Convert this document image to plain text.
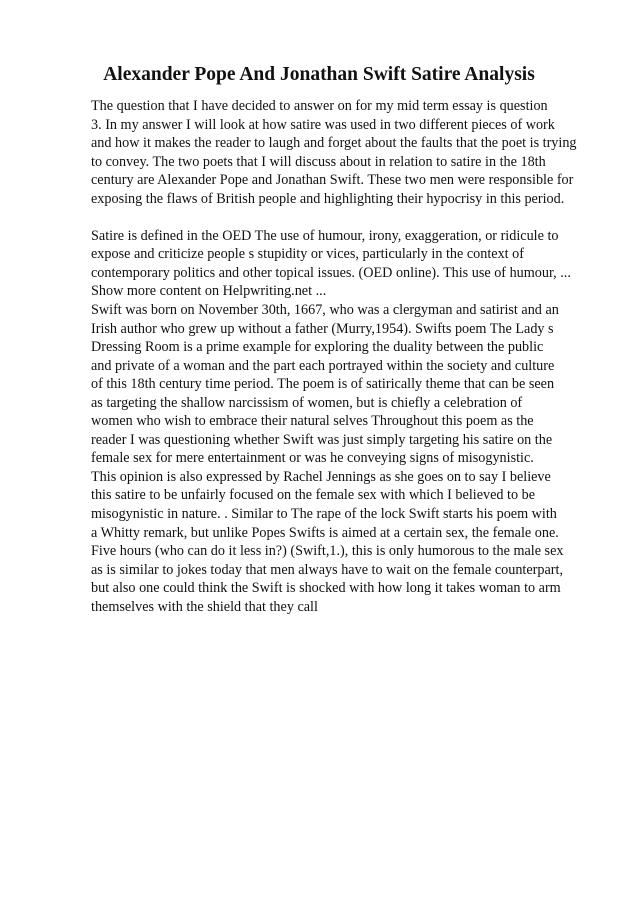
Alexander Pope And Jonathan Swift Satire Analysis
The question that I have decided to answer on for my mid term essay is question
3. In my answer I will look at how satire was used in two different pieces of work
and how it makes the reader to laugh and forget about the faults that the poet is trying
to convey. The two poets that I will discuss about in relation to satire in the 18th
century are Alexander Pope and Jonathan Swift. These two men were responsible for
exposing the flaws of British people and highlighting their hypocrisy in this period.
Satire is defined in the OED The use of humour, irony, exaggeration, or ridicule to
expose and criticize people s stupidity or vices, particularly in the context of
contemporary politics and other topical issues. (OED online). This use of humour, ...
Show more content on Helpwriting.net ...
Swift was born on November 30th, 1667, who was a clergyman and satirist and an
Irish author who grew up without a father (Murry,1954). Swifts poem The Lady s
Dressing Room is a prime example for exploring the duality between the public
and private of a woman and the part each portrayed within the society and culture
of this 18th century time period. The poem is of satirically theme that can be seen
as targeting the shallow narcissism of women, but is chiefly a celebration of
women who wish to embrace their natural selves Throughout this poem as the
reader I was questioning whether Swift was just simply targeting his satire on the
female sex for mere entertainment or was he conveying signs of misogynistic.
This opinion is also expressed by Rachel Jennings as she goes on to say I believe
this satire to be unfairly focused on the female sex with which I believed to be
misogynistic in nature. . Similar to The rape of the lock Swift starts his poem with
a Whitty remark, but unlike Popes Swifts is aimed at a certain sex, the female one.
Five hours (who can do it less in?) (Swift,1.), this is only humorous to the male sex
as is similar to jokes today that men always have to wait on the female counterpart,
but also one could think the Swift is shocked with how long it takes woman to arm
themselves with the shield that they call
